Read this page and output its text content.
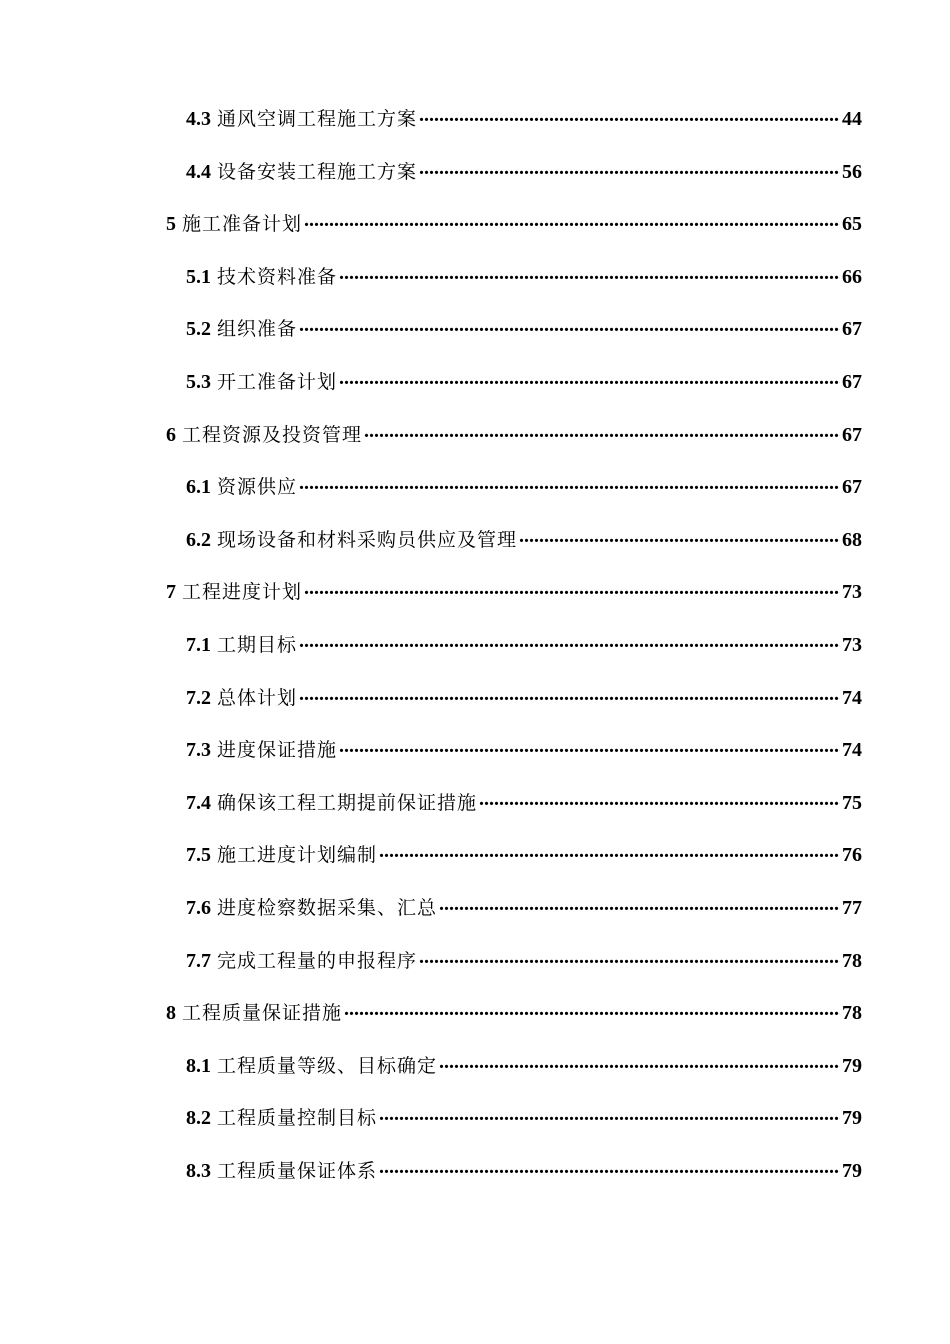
4.3 通风空调工程施工方案 .....	44
4.4 设备安装工程施工方案 .....	56
5 施工准备计划 .....	65
5.1 技术资料准备 .....	66
5.2 组织准备 .....	67
5.3 开工准备计划 .....	67
6 工程资源及投资管理 .....	67
6.1 资源供应 .....	67
6.2 现场设备和材料采购员供应及管理 .....	68
7 工程进度计划 .....	73
7.1 工期目标 .....	73
7.2 总体计划 .....	74
7.3 进度保证措施 .....	74
7.4 确保该工程工期提前保证措施 .....	75
7.5 施工进度计划编制 .....	76
7.6 进度检察数据采集、汇总 .....	77
7.7 完成工程量的申报程序 .....	78
8 工程质量保证措施 .....	78
8.1 工程质量等级、目标确定 .....	79
8.2 工程质量控制目标 .....	79
8.3 工程质量保证体系 .....	79
